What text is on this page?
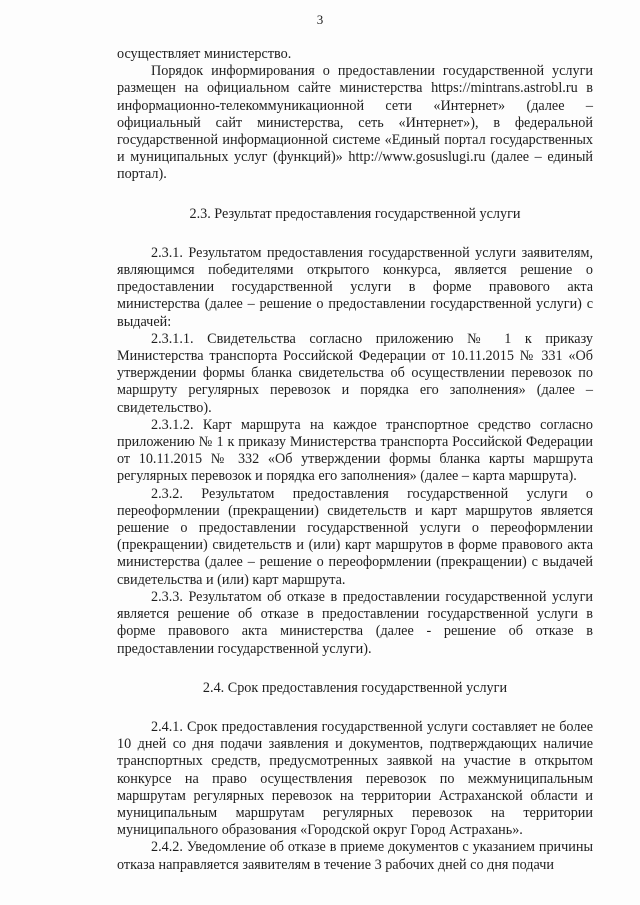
3

осуществляет министерство.

Порядок информирования о предоставлении государственной услуги размещен на официальном сайте министерства https://mintrans.astrobl.ru в информационно-телекоммуникационной сети «Интернет» (далее – официальный сайт министерства, сеть «Интернет»), в федеральной государственной информационной системе «Единый портал государственных и муниципальных услуг (функций)» http://www.gosuslugi.ru (далее – единый портал).

2.3. Результат предоставления государственной услуги

2.3.1. Результатом предоставления государственной услуги заявителям, являющимся победителями открытого конкурса, является решение о предоставлении государственной услуги в форме правового акта министерства (далее – решение о предоставлении государственной услуги) с выдачей:

2.3.1.1. Свидетельства согласно приложению № 1 к приказу Министерства транспорта Российской Федерации от 10.11.2015 № 331 «Об утверждении формы бланка свидетельства об осуществлении перевозок по маршруту регулярных перевозок и порядка его заполнения» (далее – свидетельство).

2.3.1.2. Карт маршрута на каждое транспортное средство согласно приложению № 1 к приказу Министерства транспорта Российской Федерации от 10.11.2015 № 332 «Об утверждении формы бланка карты маршрута регулярных перевозок и порядка его заполнения» (далее – карта маршрута).

2.3.2. Результатом предоставления государственной услуги о переоформлении (прекращении) свидетельств и карт маршрутов является решение о предоставлении государственной услуги о переоформлении (прекращении) свидетельств и (или) карт маршрутов в форме правового акта министерства (далее – решение о переоформлении (прекращении) с выдачей свидетельства и (или) карт маршрута.

2.3.3. Результатом об отказе в предоставлении государственной услуги является решение об отказе в предоставлении государственной услуги в форме правового акта министерства (далее - решение об отказе в предоставлении государственной услуги).

2.4. Срок предоставления государственной услуги

2.4.1. Срок предоставления государственной услуги составляет не более 10 дней со дня подачи заявления и документов, подтверждающих наличие транспортных средств, предусмотренных заявкой на участие в открытом конкурсе на право осуществления перевозок по межмуниципальным маршрутам регулярных перевозок на территории Астраханской области и муниципальным маршрутам регулярных перевозок на территории муниципального образования «Городской округ Город Астрахань».

2.4.2. Уведомление об отказе в приеме документов с указанием причины отказа направляется заявителям в течение 3 рабочих дней со дня подачи
